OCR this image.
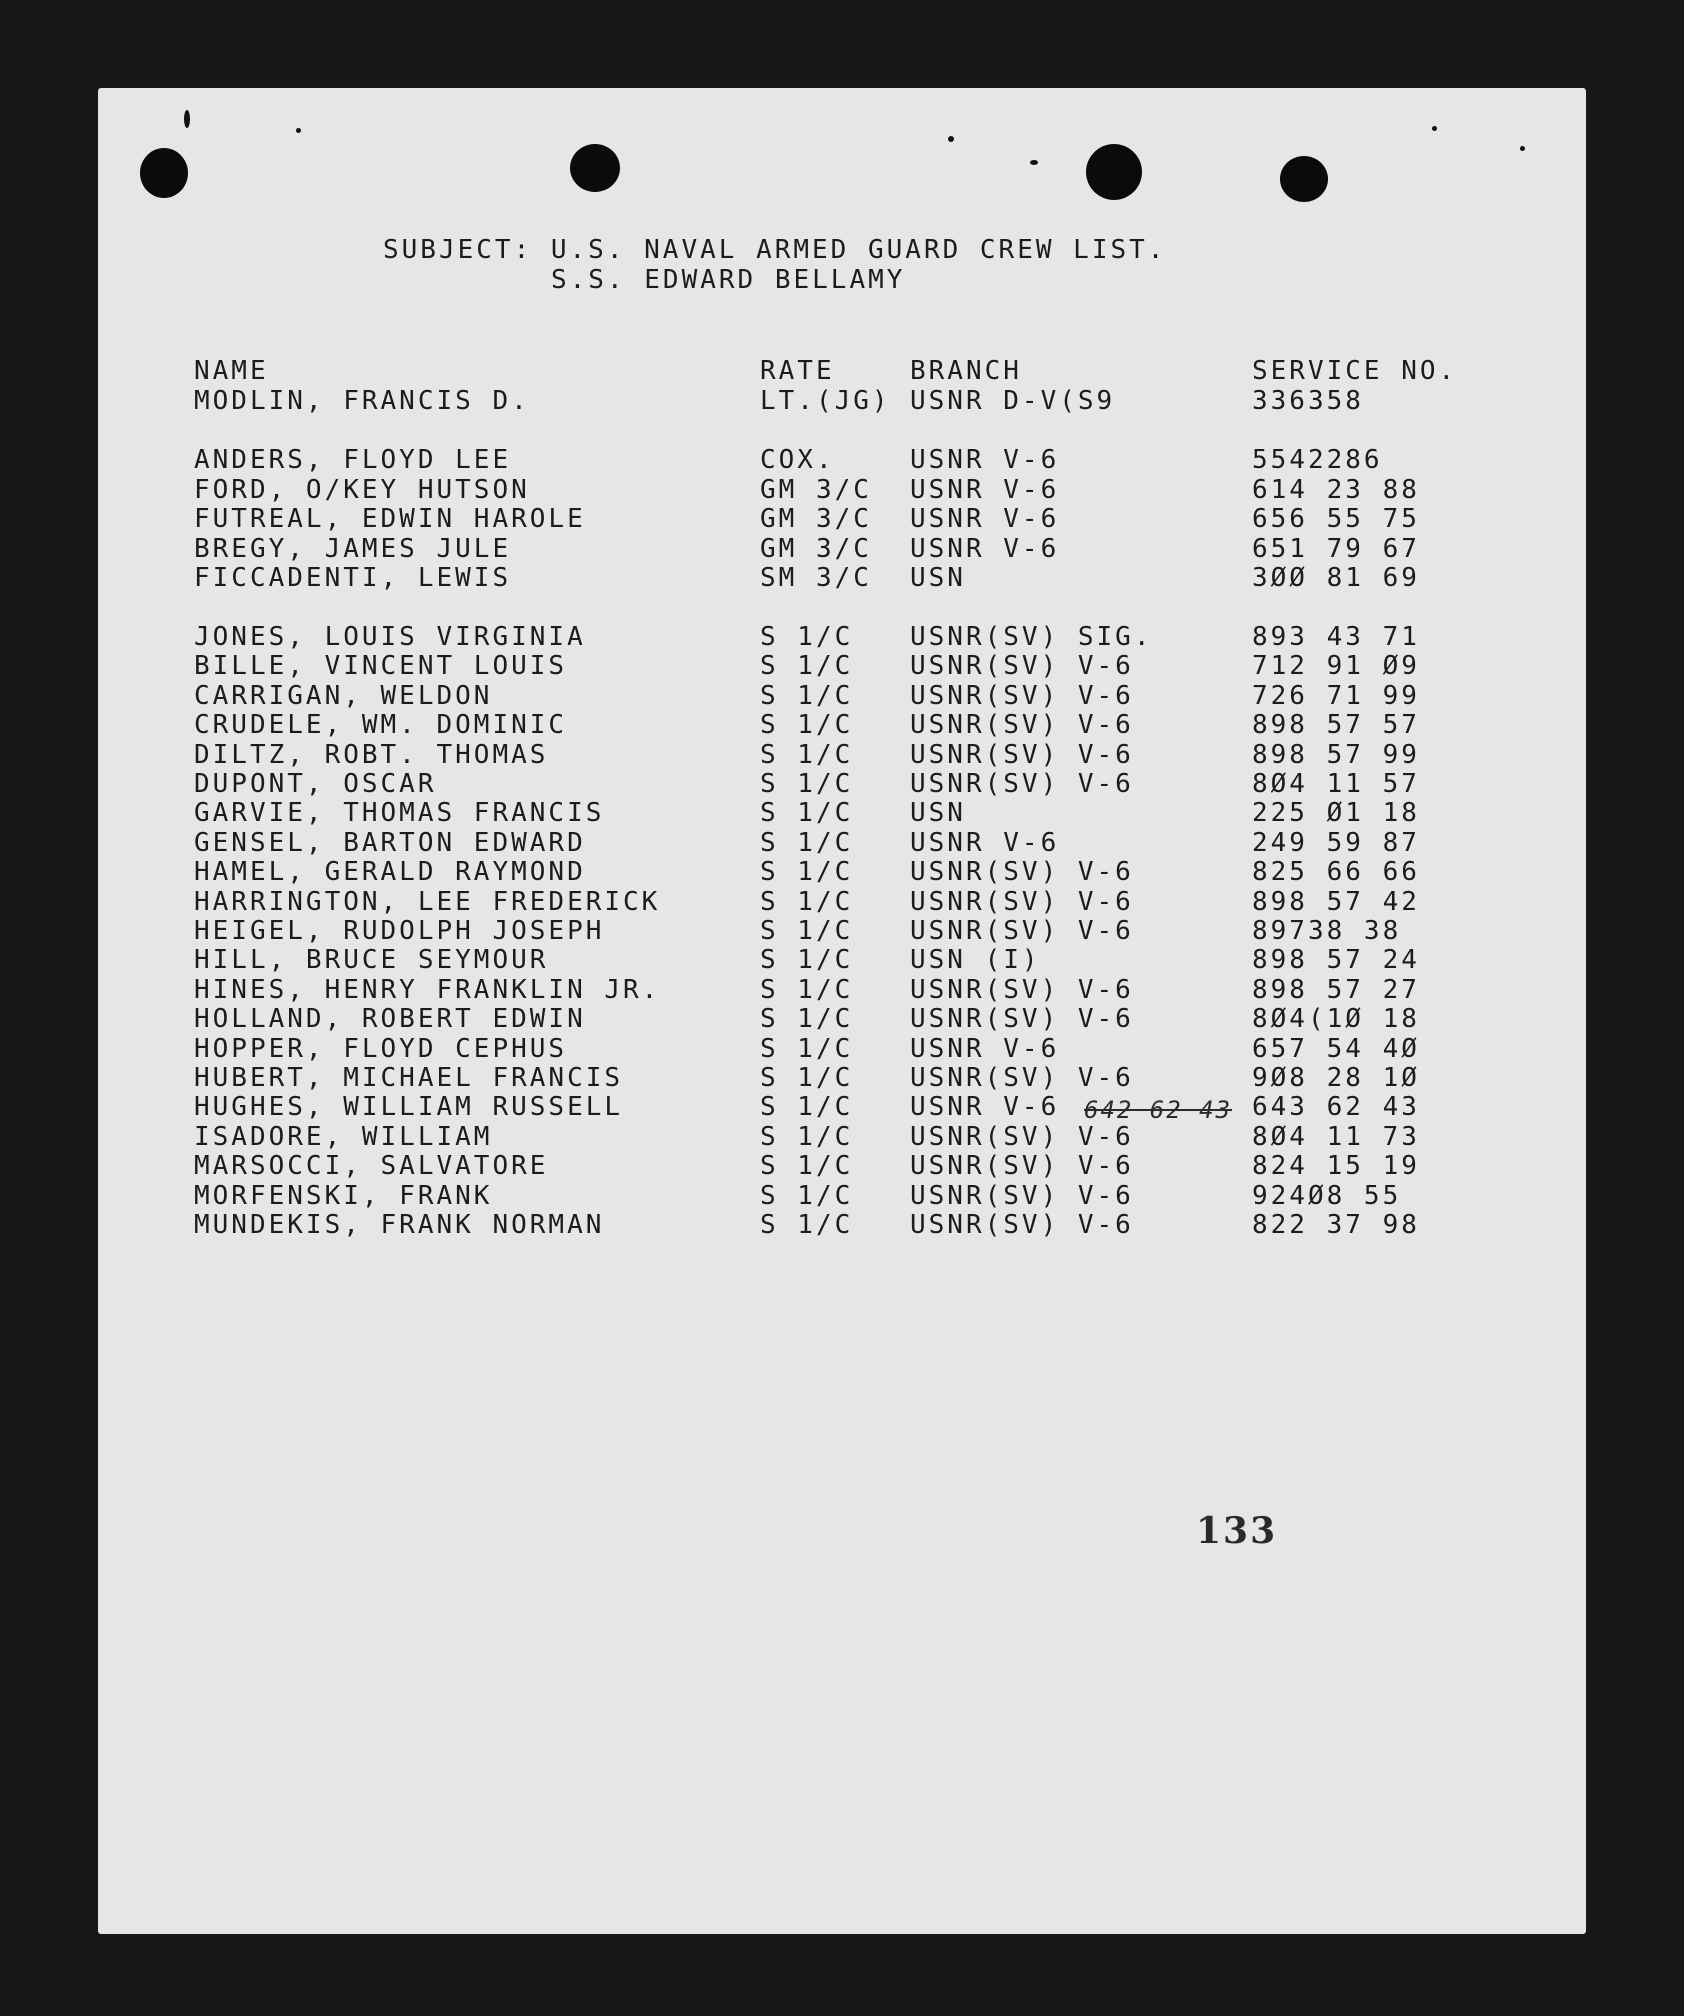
SUBJECT: U.S. NAVAL ARMED GUARD CREW LIST.
S.S. EDWARD BELLAMY
NAME	RATE	BRANCH	SERVICE NO.
MODLIN, FRANCIS D.	LT.(JG) USNR D-V(S9	336358
ANDERS, FLOYD LEE	COX.	USNR V-6	5542286
FORD, O/KEY HUTSON	GM 3/C USNR V-6	614 23 88
FUTREAL, EDWIN HAROLE	GM 3/C USNR V-6	656 55 75
BREGY, JAMES JULE	GM 3/C USNR V-6	651 79 67
FICCADENTI, LEWIS	SM 3/C USN	3ØØ 81 69
JONES, LOUIS VIRGINIA	S 1/C USNR(SV) SIG.	893 43 71
BILLE, VINCENT LOUIS	S 1/C USNR(SV) V-6	712 91 Ø9
CARRIGAN, WELDON	S 1/C USNR(SV) V-6	726 71 99
CRUDELE, WM. DOMINIC	S 1/C USNR(SV) V-6	898 57 57
DILTZ, ROBT. THOMAS	S 1/C USNR(SV) V-6	898 57 99
DUPONT, OSCAR	S 1/C USNR(SV) V-6	8Ø4 11 57
GARVIE, THOMAS FRANCIS	S 1/C USN	225 Ø1 18
GENSEL, BARTON EDWARD	S 1/C USNR V-6	249 59 87
HAMEL, GERALD RAYMOND	S 1/C USNR(SV) V-6	825 66 66
HARRINGTON, LEE FREDERICK	S 1/C USNR(SV) V-6	898 57 42
HEIGEL, RUDOLPH JOSEPH	S 1/C USNR(SV) V-6	89738 38
HILL, BRUCE SEYMOUR	S 1/C USN (I)	898 57 24
HINES, HENRY FRANKLIN JR.	S 1/C USNR(SV) V-6	898 57 27
HOLLAND, ROBERT EDWIN	S 1/C USNR(SV) V-6	8Ø4(1Ø 18
HOPPER, FLOYD CEPHUS	S 1/C USNR V-6	657 54 4Ø
HUBERT, MICHAEL FRANCIS	S 1/C USNR(SV) V-6	9Ø8 28 1Ø
HUGHES, WILLIAM RUSSELL	S 1/C USNR V-6	643 62 43
ISADORE, WILLIAM	S 1/C USNR(SV) V-6	8Ø4 11 73
MARSOCCI, SALVATORE	S 1/C USNR(SV) V-6	824 15 19
MORFENSKI, FRANK	S 1/C USNR(SV) V-6	924Ø8 55
MUNDEKIS, FRANK NORMAN	S 1/C USNR(SV) V-6	822 37 98
642 62 43
133
